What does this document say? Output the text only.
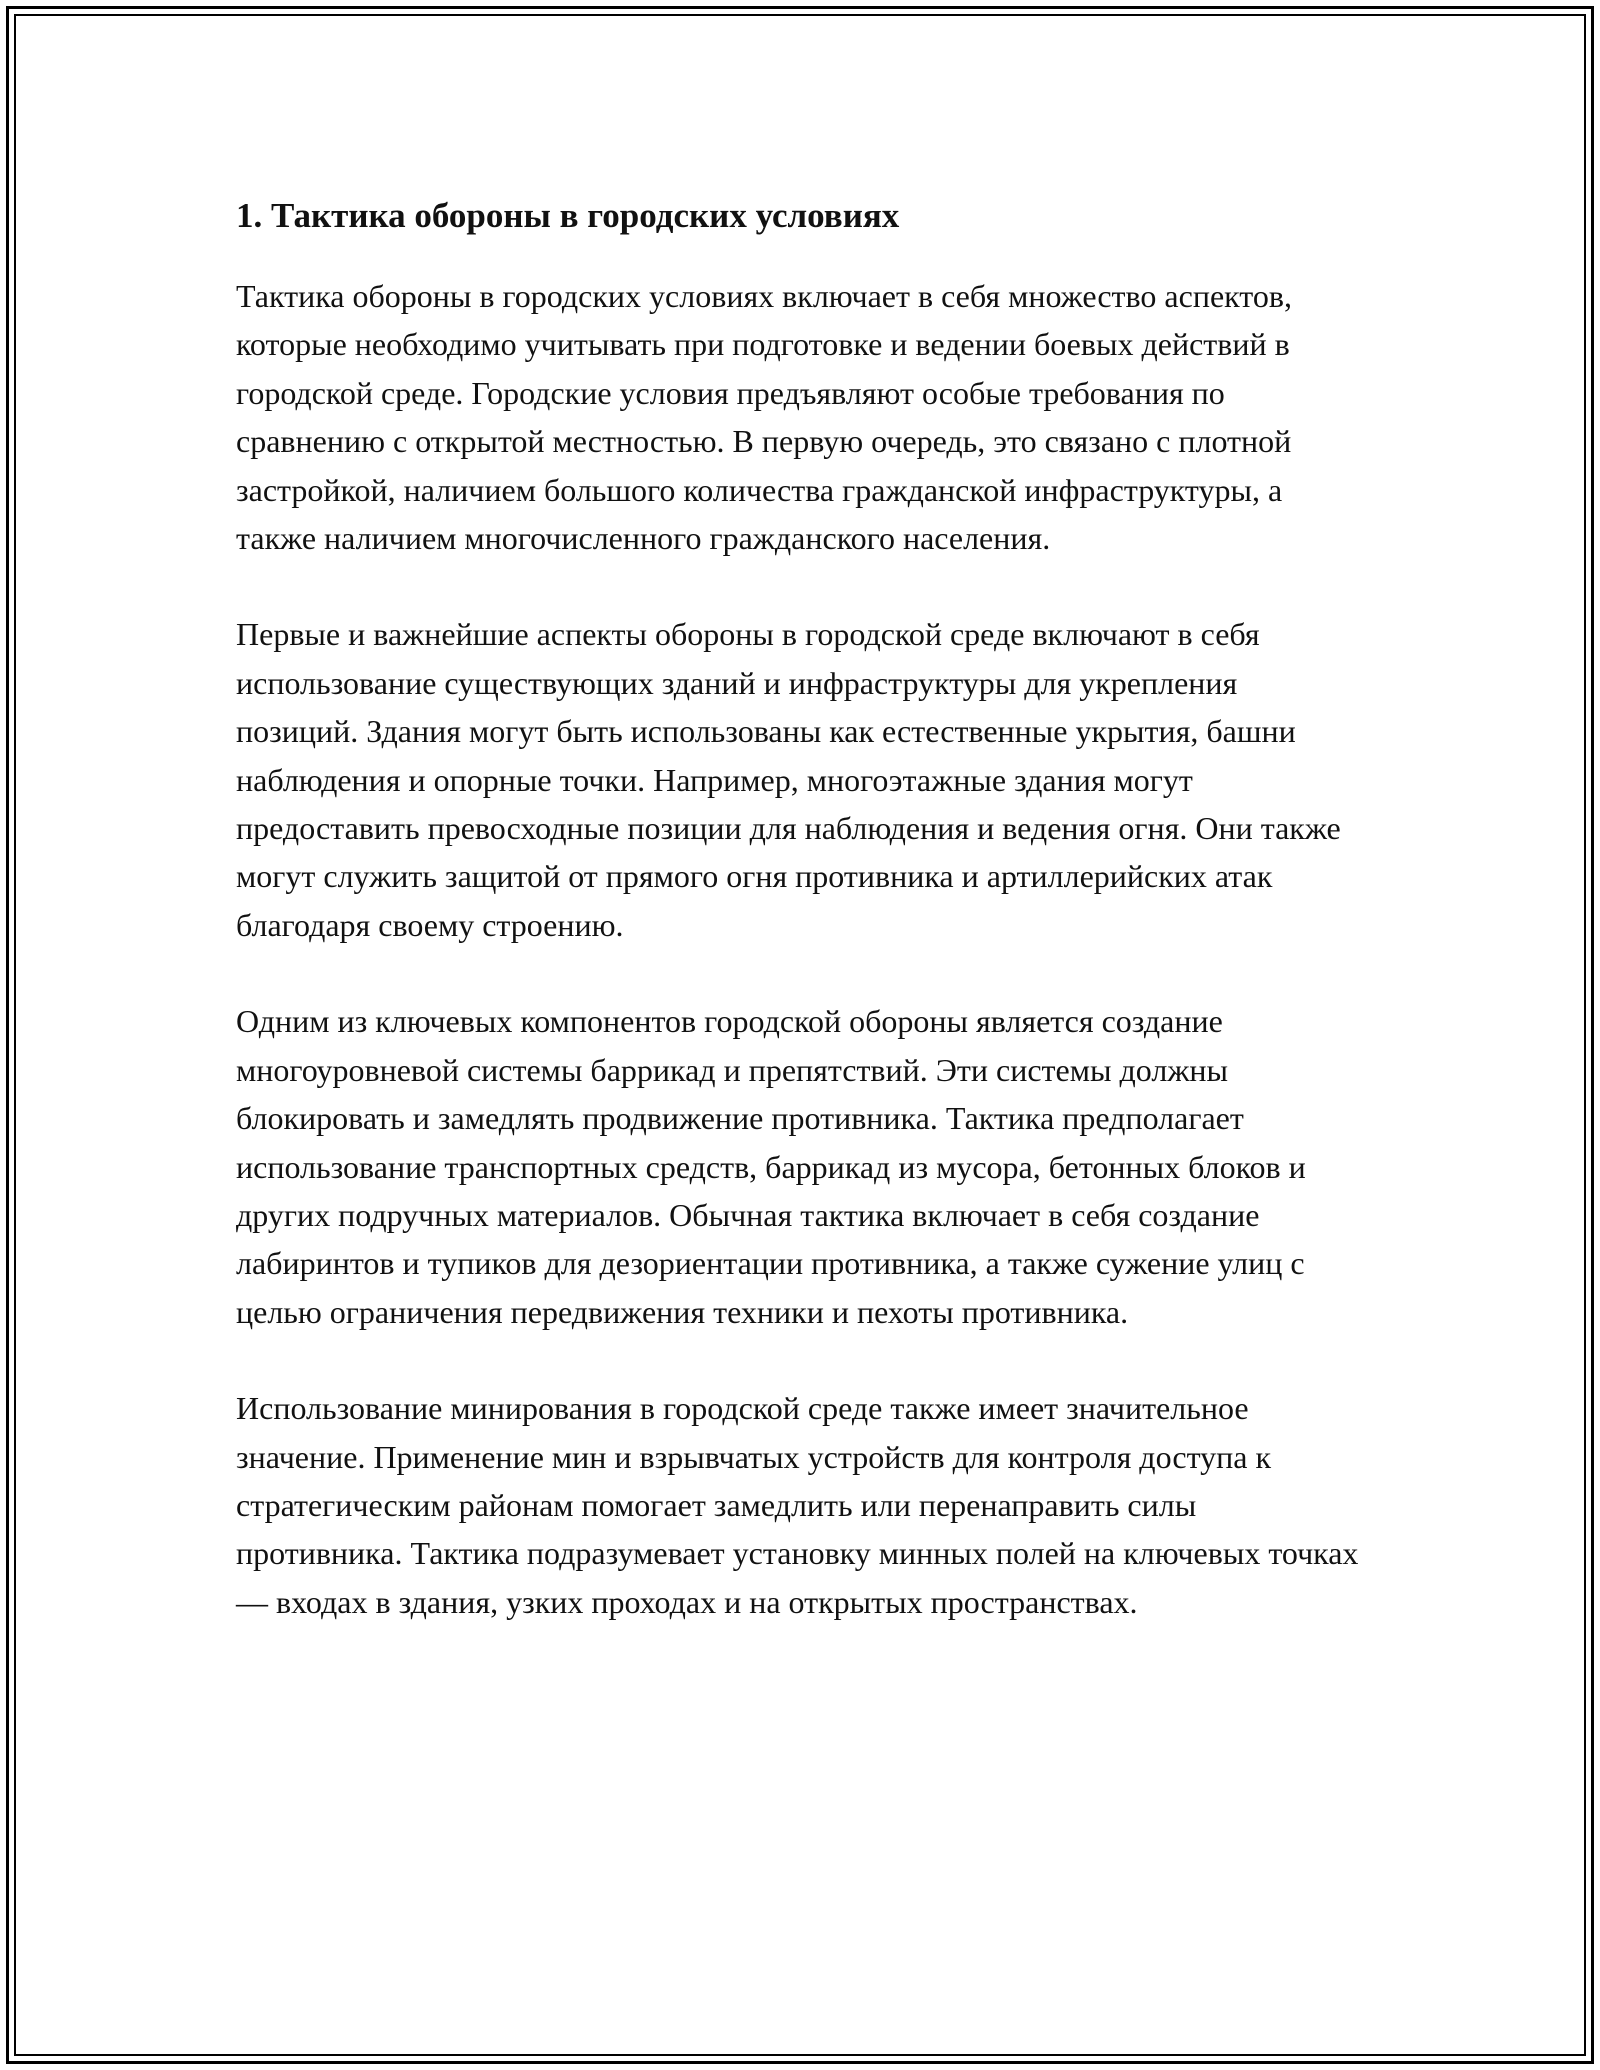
1. Тактика обороны в городских условиях

Тактика обороны в городских условиях включает в себя множество аспектов, которые необходимо учитывать при подготовке и ведении боевых действий в городской среде. Городские условия предъявляют особые требования по сравнению с открытой местностью. В первую очередь, это связано с плотной застройкой, наличием большого количества гражданской инфраструктуры, а также наличием многочисленного гражданского населения.

Первые и важнейшие аспекты обороны в городской среде включают в себя использование существующих зданий и инфраструктуры для укрепления позиций. Здания могут быть использованы как естественные укрытия, башни наблюдения и опорные точки. Например, многоэтажные здания могут предоставить превосходные позиции для наблюдения и ведения огня. Они также могут служить защитой от прямого огня противника и артиллерийских атак благодаря своему строению.

Одним из ключевых компонентов городской обороны является создание многоуровневой системы баррикад и препятствий. Эти системы должны блокировать и замедлять продвижение противника. Тактика предполагает использование транспортных средств, баррикад из мусора, бетонных блоков и других подручных материалов. Обычная тактика включает в себя создание лабиринтов и тупиков для дезориентации противника, а также сужение улиц с целью ограничения передвижения техники и пехоты противника.

Использование минирования в городской среде также имеет значительное значение. Применение мин и взрывчатых устройств для контроля доступа к стратегическим районам помогает замедлить или перенаправить силы противника. Тактика подразумевает установку минных полей на ключевых точках — входах в здания, узких проходах и на открытых пространствах.
